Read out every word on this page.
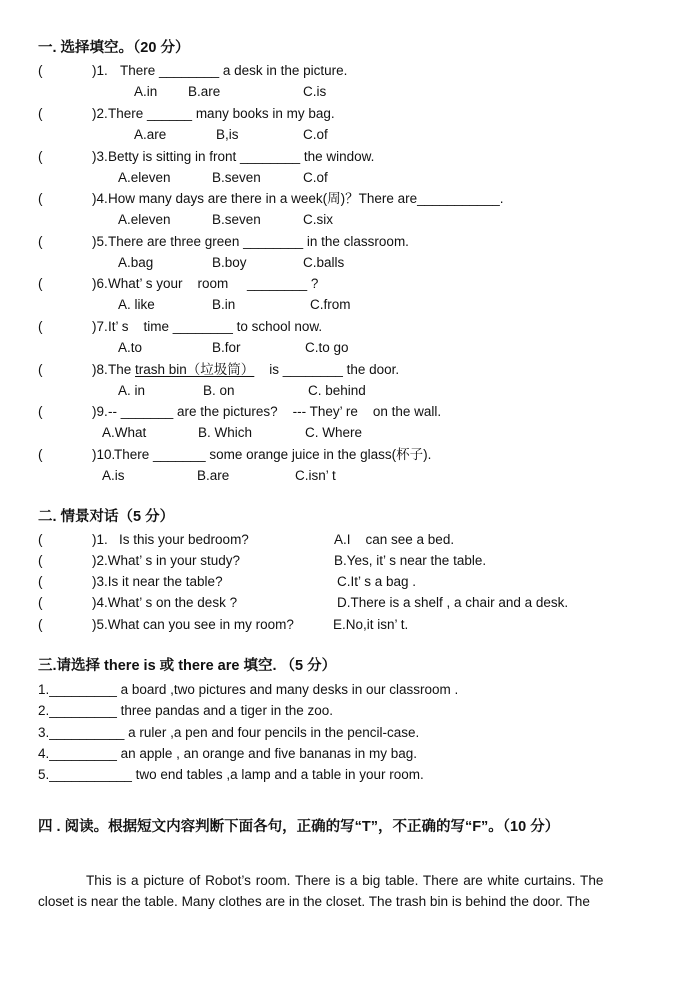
一. 选择填空。（20 分）
(	)1. There ________ a desk in the picture.
A.in B.are	C.is
(	)2. There ______ many books in my bag.
A.are	B,is	C.of
(	)3. Betty is sitting in front ________ the window.
A.eleven	B.seven	C.of
(	)4. How many days are there in a week(周)？There are___________.
A.eleven	B.seven	C.six
(	)5. There are three green ________ in the classroom.
A.bag	B.boy	C.balls
(	)6. What’ s your    room     ________ ?
A. like	B.in	C.from
(	)7. It’ s    time ________ to school now.
A.to	B.for	C.to go
(	)8. The trash bin（垃圾筒）    is ________ the door.
A. in	B. on	C. behind
(	)9. -- _______ are the pictures?    --- They’ re    on the wall.
A.What	B. Which	C. Where
(	)10.
There _______ some orange juice in the glass(杯子).
A.is	B.are	C.isn’ t
二. 情景对话（5 分）
(	)1.   Is this your bedroom?	A.I    can see a bed.
(	)2.What’ s in your study?	B.Yes, it’ s near the table.
(	)3.Is it near the table?	C.It’ s a bag .
(	)4.What’ s on the desk ?	D.There is a shelf , a chair and a desk.
(	)5.What can you see in my room?	E.No,it isn’ t.
三.请选择 there is 或 there are 填空. （5 分）
1._________ a board ,two pictures and many desks in our classroom .
2._________ three pandas and a tiger in the zoo.
3.__________ a ruler ,a pen and four pencils in the pencil-case.
4._________ an apple , an orange and five bananas in my bag.
5.___________ two end tables ,a lamp and a table in your room.
四 . 阅读。根据短文内容判断下面各句，正确的写“T”，不正确的写“F”。（10 分）
This is a picture of Robot’s room. There is a big table. There are white curtains. The
closet is near the table. Many clothes are in the closet. The trash bin is behind the door. The
